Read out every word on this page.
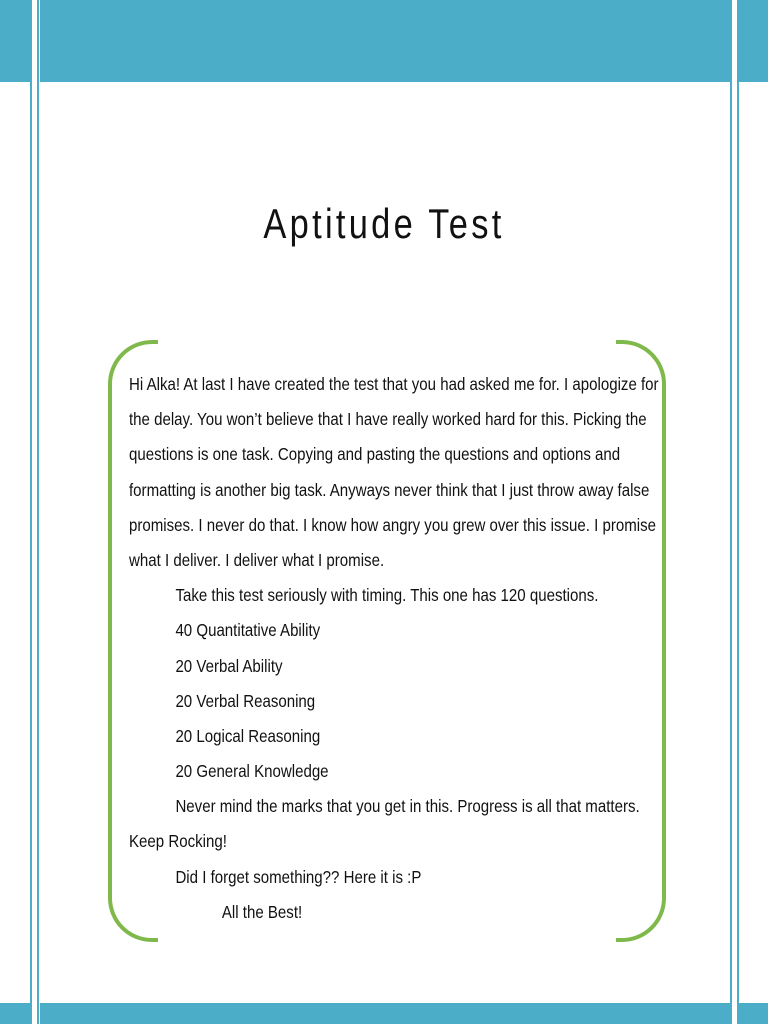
Aptitude Test
Hi Alka! At last I have created the test that you had asked me for. I apologize for
the delay. You won’t believe that I have really worked hard for this. Picking the
questions is one task. Copying and pasting the questions and options and
formatting is another big task. Anyways never think that I just throw away false
promises. I never do that. I know how angry you grew over this issue. I promise
what I deliver. I deliver what I promise.
Take this test seriously with timing. This one has 120 questions.
40 Quantitative Ability
20 Verbal Ability
20 Verbal Reasoning
20 Logical Reasoning
20 General Knowledge
Never mind the marks that you get in this. Progress is all that matters.
Keep Rocking!
Did I forget something?? Here it is :P
All the Best!
